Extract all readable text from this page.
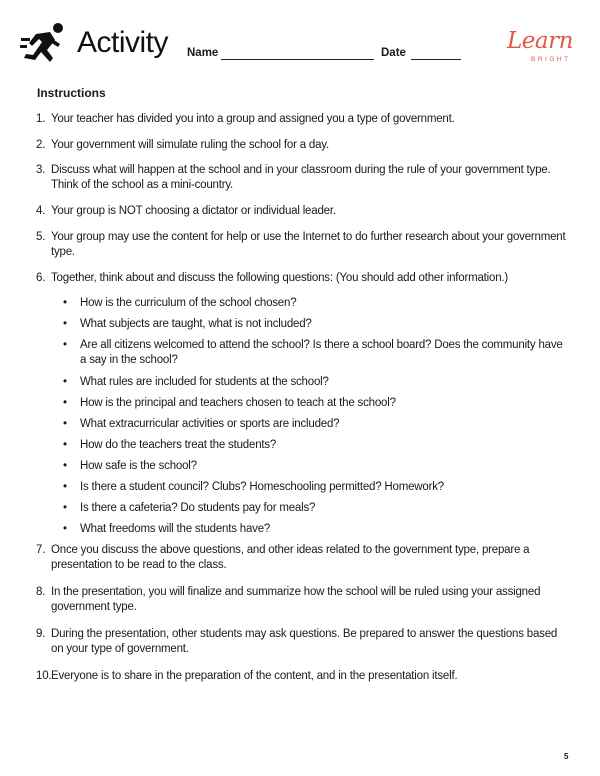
Activity Name	Date	Learn
BRIGHT
Instructions
1. Your teacher has divided you into a group and assigned you a type of government.
2. Your government will simulate ruling the school for a day.
3. Discuss what will happen at the school and in your classroom during the rule of your government type. Think of the school as a mini-country.
4. Your group is NOT choosing a dictator or individual leader.
5. Your group may use the content for help or use the Internet to do further research about your government type.
6. Together, think about and discuss the following questions: (You should add other information.)
• How is the curriculum of the school chosen?
• What subjects are taught, what is not included?
• Are all citizens welcomed to attend the school? Is there a school board? Does the community have a say in the school?
• What rules are included for students at the school?
• How is the principal and teachers chosen to teach at the school?
• What extracurricular activities or sports are included?
• How do the teachers treat the students?
• How safe is the school?
• Is there a student council? Clubs? Homeschooling permitted? Homework?
• Is there a cafeteria? Do students pay for meals?
• What freedoms will the students have?
7. Once you discuss the above questions, and other ideas related to the government type, prepare a presentation to be read to the class.
8. In the presentation, you will finalize and summarize how the school will be ruled using your assigned government type.
9. During the presentation, other students may ask questions. Be prepared to answer the questions based on your type of government.
10. Everyone is to share in the preparation of the content, and in the presentation itself.
5
